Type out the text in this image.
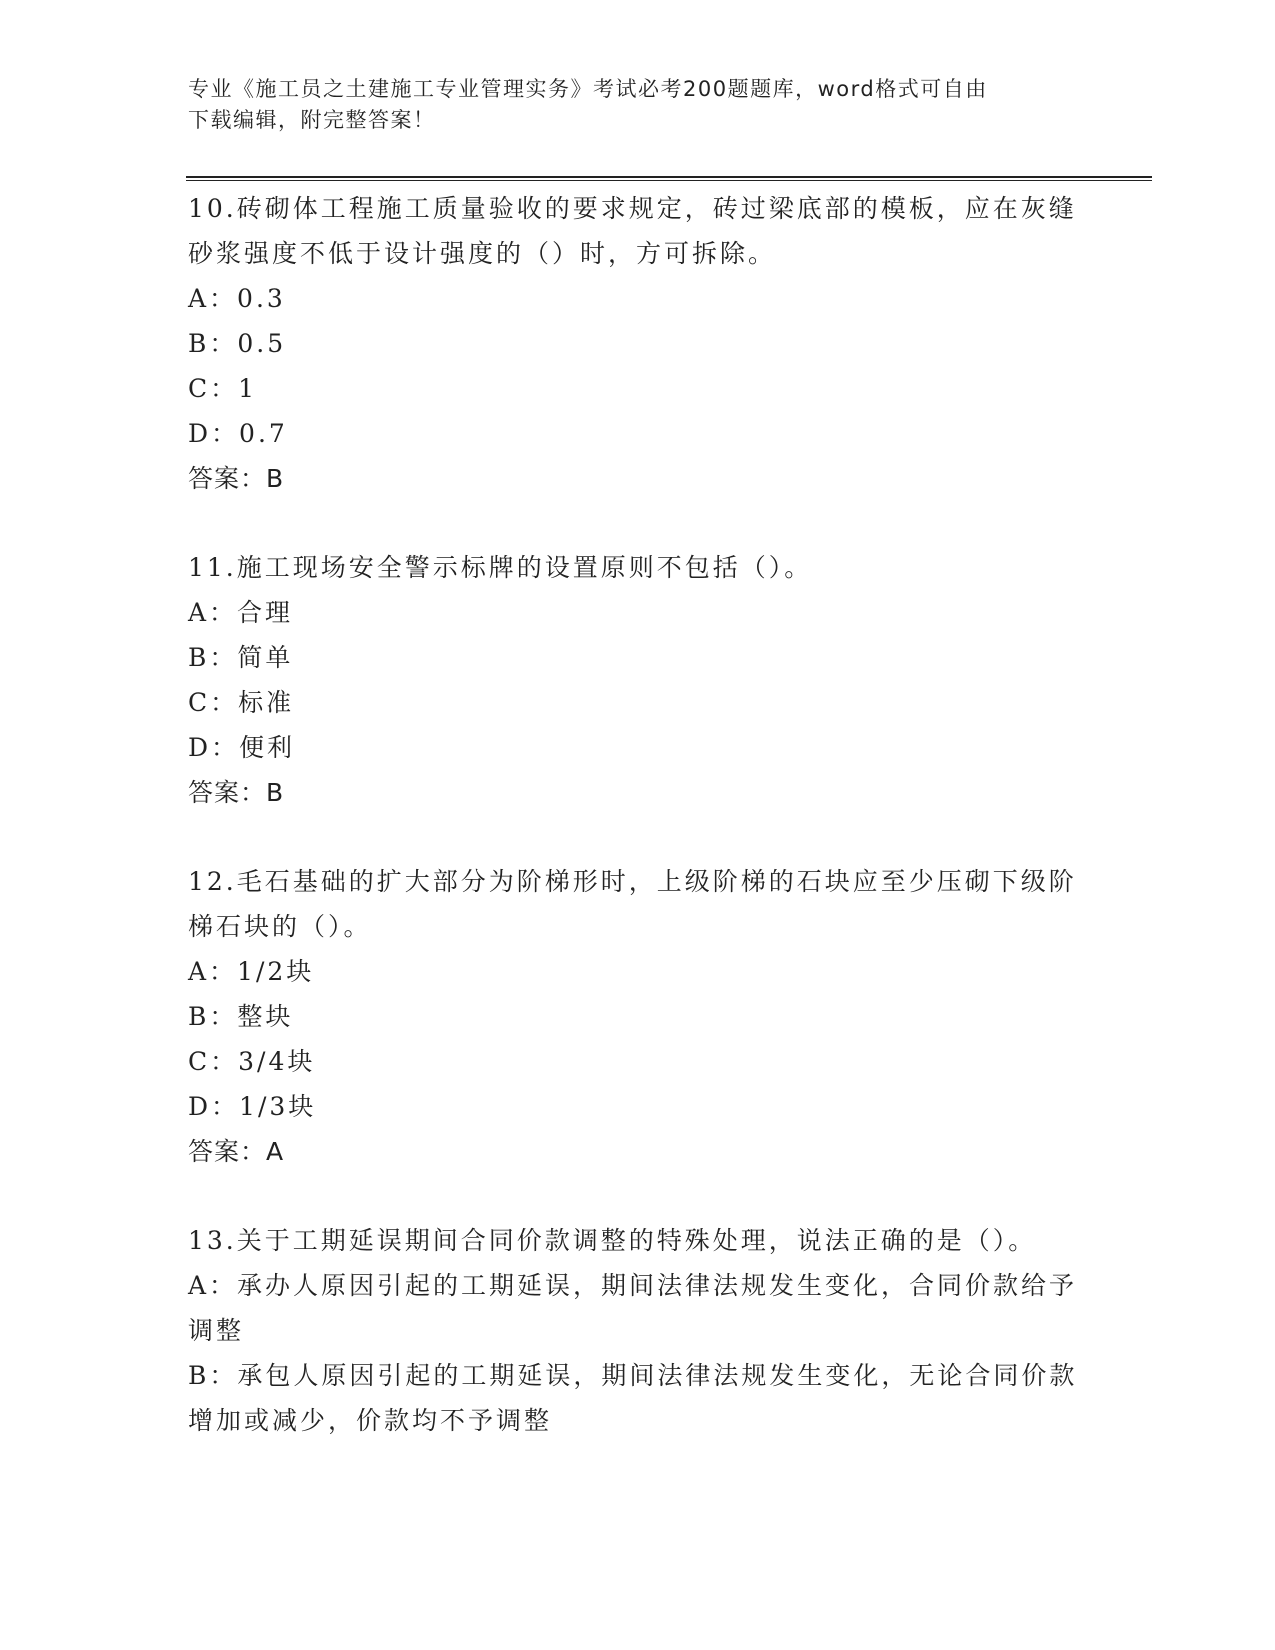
专业《施工员之土建施工专业管理实务》考试必考200题题库，word格式可自由
下载编辑，附完整答案！
10.砖砌体工程施工质量验收的要求规定，砖过梁底部的模板，应在灰缝砂浆强度不低于设计强度的（）时，方可拆除。
A：0.3
B：0.5
C：1
D：0.7
答案：B
11.施工现场安全警示标牌的设置原则不包括（）。
A：合理
B：简单
C：标准
D：便利
答案：B
12.毛石基础的扩大部分为阶梯形时，上级阶梯的石块应至少压砌下级阶梯石块的（）。
A：1/2块
B：整块
C：3/4块
D：1/3块
答案：A
13.关于工期延误期间合同价款调整的特殊处理，说法正确的是（）。
A：承办人原因引起的工期延误，期间法律法规发生变化，合同价款给予调整
B：承包人原因引起的工期延误，期间法律法规发生变化，无论合同价款增加或减少，价款均不予调整
